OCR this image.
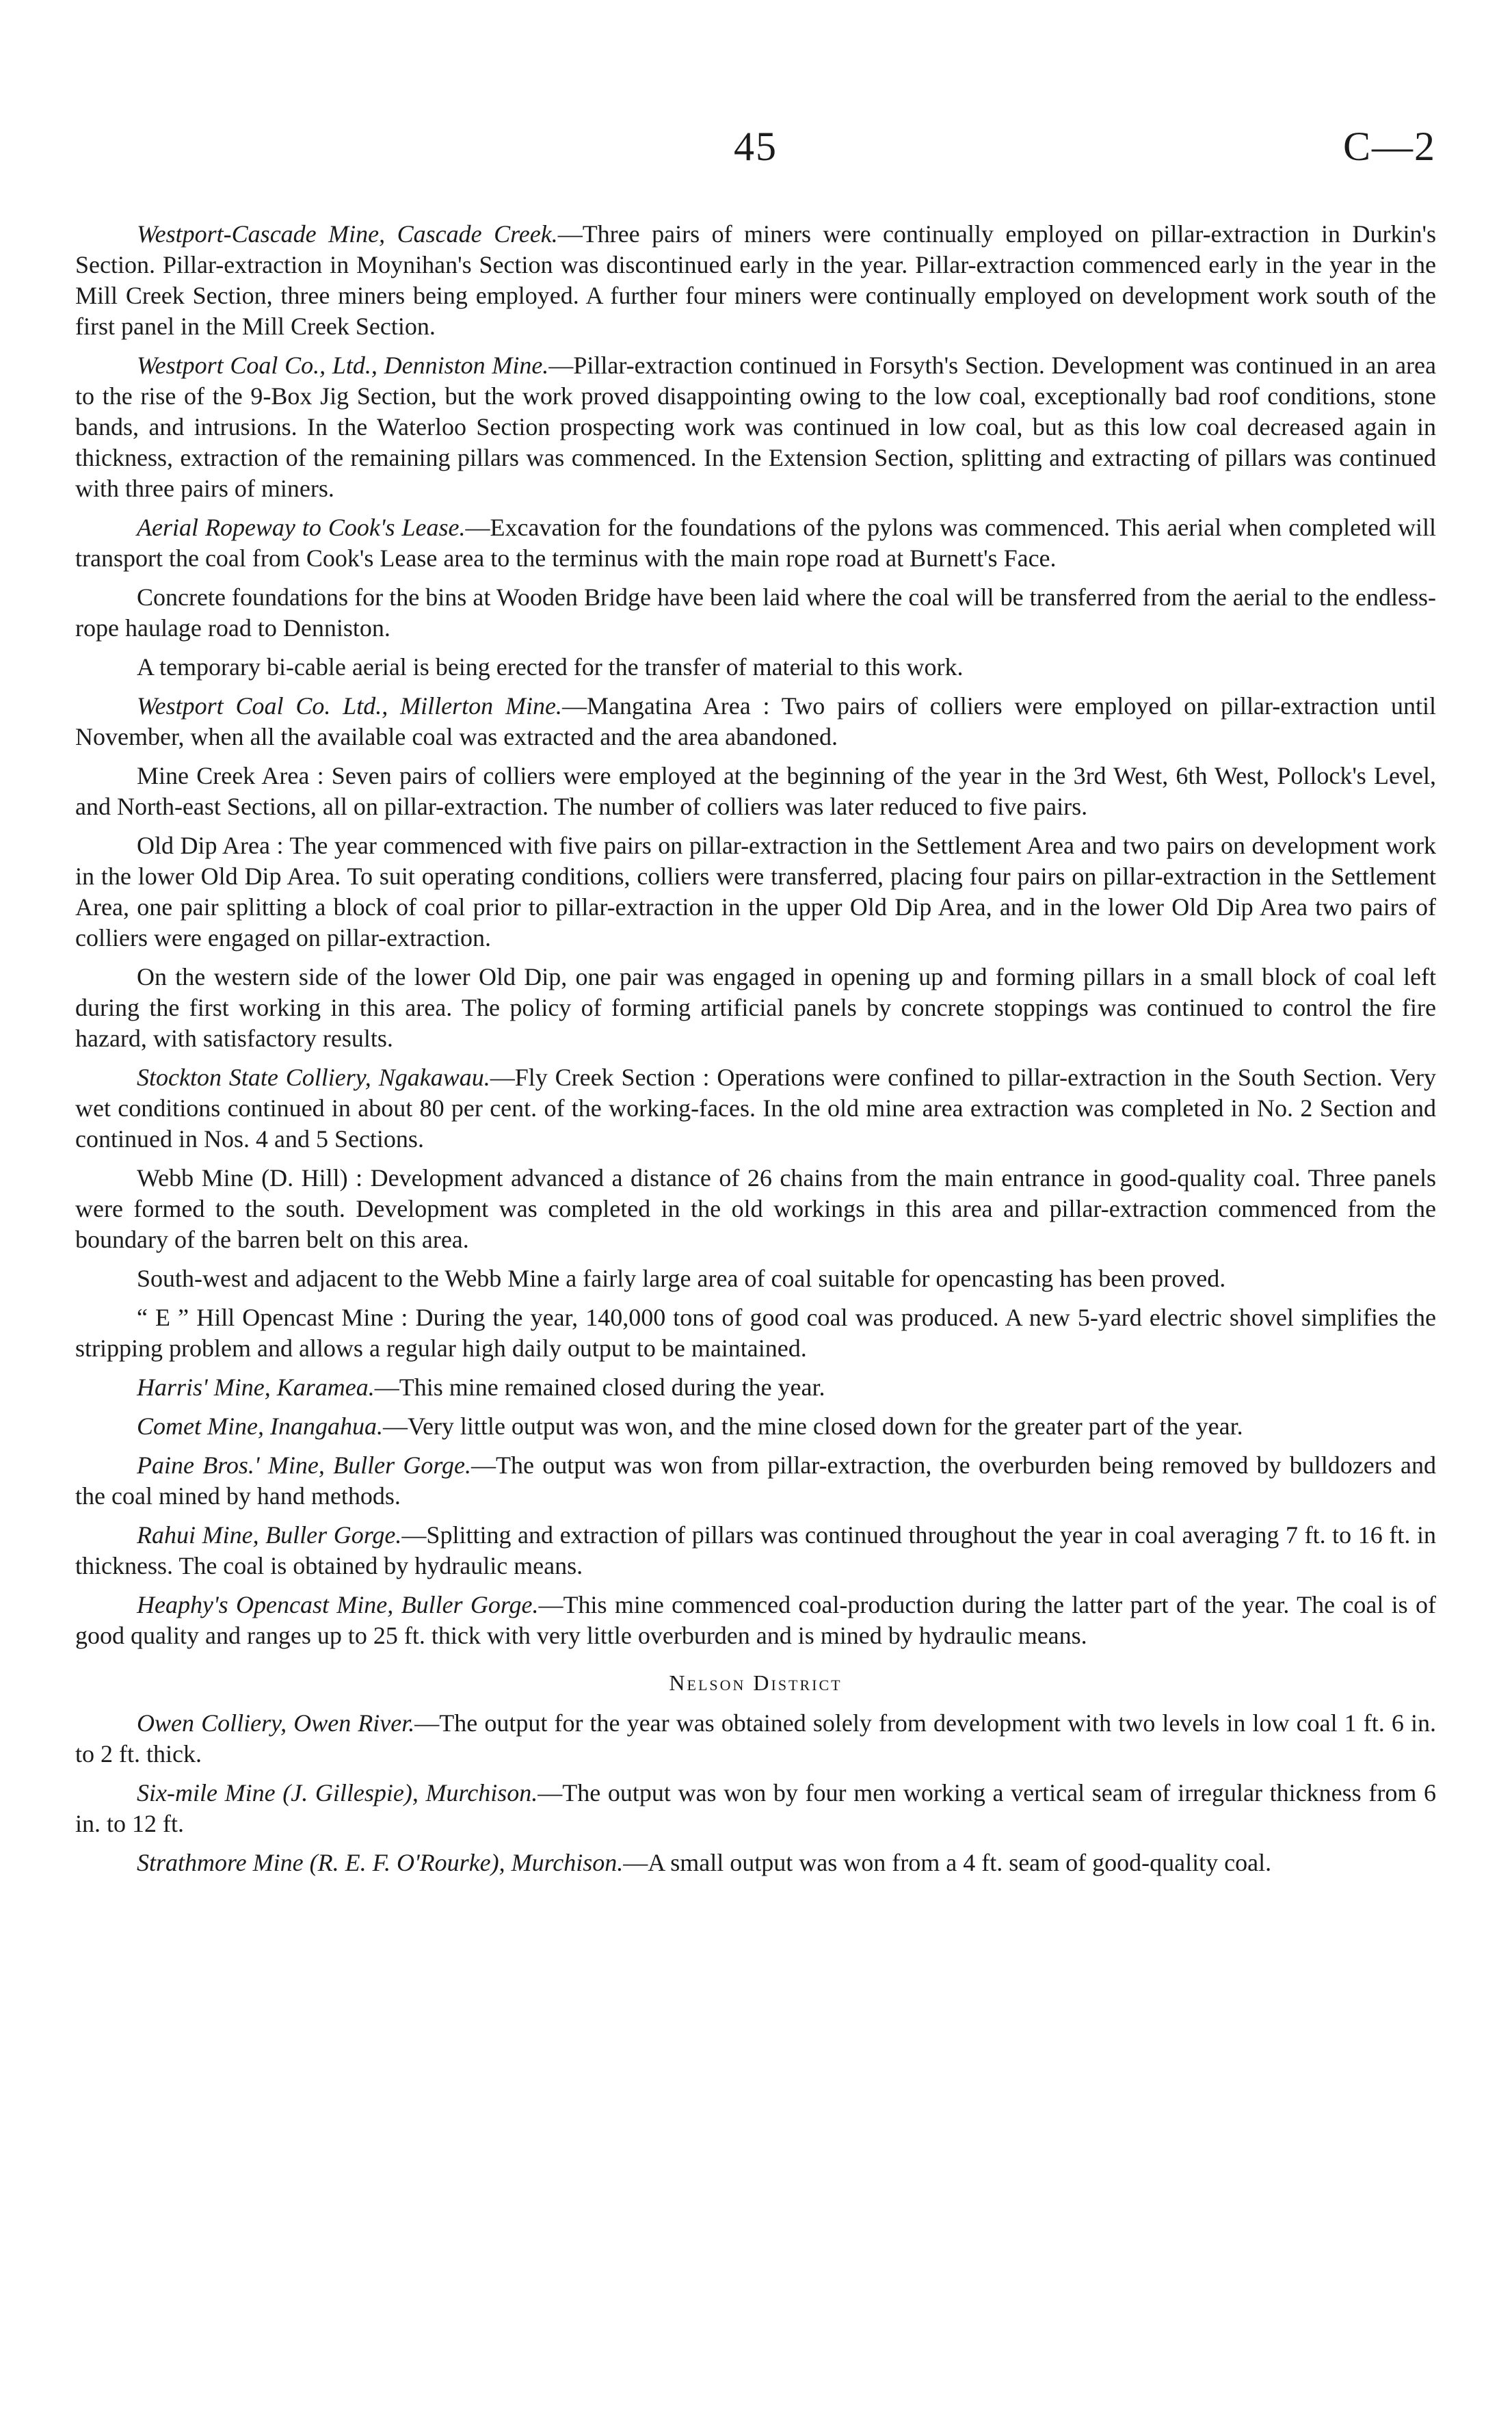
45	C—2

Westport-Cascade Mine, Cascade Creek.—Three pairs of miners were continually employed on pillar-extraction in Durkin's Section. Pillar-extraction in Moynihan's Section was discontinued early in the year. Pillar-extraction commenced early in the year in the Mill Creek Section, three miners being employed. A further four miners were continually employed on development work south of the first panel in the Mill Creek Section.

Westport Coal Co., Ltd., Denniston Mine.—Pillar-extraction continued in Forsyth's Section. Development was continued in an area to the rise of the 9-Box Jig Section, but the work proved disappointing owing to the low coal, exceptionally bad roof conditions, stone bands, and intrusions. In the Waterloo Section prospecting work was continued in low coal, but as this low coal decreased again in thickness, extraction of the remaining pillars was commenced. In the Extension Section, splitting and extracting of pillars was continued with three pairs of miners.

Aerial Ropeway to Cook's Lease.—Excavation for the foundations of the pylons was commenced. This aerial when completed will transport the coal from Cook's Lease area to the terminus with the main rope road at Burnett's Face.

Concrete foundations for the bins at Wooden Bridge have been laid where the coal will be transferred from the aerial to the endless-rope haulage road to Denniston.

A temporary bi-cable aerial is being erected for the transfer of material to this work.

Westport Coal Co. Ltd., Millerton Mine.—Mangatina Area : Two pairs of colliers were employed on pillar-extraction until November, when all the available coal was extracted and the area abandoned.

Mine Creek Area : Seven pairs of colliers were employed at the beginning of the year in the 3rd West, 6th West, Pollock's Level, and North-east Sections, all on pillar-extraction. The number of colliers was later reduced to five pairs.

Old Dip Area : The year commenced with five pairs on pillar-extraction in the Settlement Area and two pairs on development work in the lower Old Dip Area. To suit operating conditions, colliers were transferred, placing four pairs on pillar-extraction in the Settlement Area, one pair splitting a block of coal prior to pillar-extraction in the upper Old Dip Area, and in the lower Old Dip Area two pairs of colliers were engaged on pillar-extraction.

On the western side of the lower Old Dip, one pair was engaged in opening up and forming pillars in a small block of coal left during the first working in this area. The policy of forming artificial panels by concrete stoppings was continued to control the fire hazard, with satisfactory results.

Stockton State Colliery, Ngakawau.—Fly Creek Section : Operations were confined to pillar-extraction in the South Section. Very wet conditions continued in about 80 per cent. of the working-faces. In the old mine area extraction was completed in No. 2 Section and continued in Nos. 4 and 5 Sections.

Webb Mine (D. Hill) : Development advanced a distance of 26 chains from the main entrance in good-quality coal. Three panels were formed to the south. Development was completed in the old workings in this area and pillar-extraction commenced from the boundary of the barren belt on this area.

South-west and adjacent to the Webb Mine a fairly large area of coal suitable for opencasting has been proved.

“ E ” Hill Opencast Mine : During the year, 140,000 tons of good coal was produced. A new 5-yard electric shovel simplifies the stripping problem and allows a regular high daily output to be maintained.

Harris' Mine, Karamea.—This mine remained closed during the year.

Comet Mine, Inangahua.—Very little output was won, and the mine closed down for the greater part of the year.

Paine Bros.' Mine, Buller Gorge.—The output was won from pillar-extraction, the overburden being removed by bulldozers and the coal mined by hand methods.

Rahui Mine, Buller Gorge.—Splitting and extraction of pillars was continued throughout the year in coal averaging 7 ft. to 16 ft. in thickness. The coal is obtained by hydraulic means.

Heaphy's Opencast Mine, Buller Gorge.—This mine commenced coal-production during the latter part of the year. The coal is of good quality and ranges up to 25 ft. thick with very little overburden and is mined by hydraulic means.

Nelson District

Owen Colliery, Owen River.—The output for the year was obtained solely from development with two levels in low coal 1 ft. 6 in. to 2 ft. thick.

Six-mile Mine (J. Gillespie), Murchison.—The output was won by four men working a vertical seam of irregular thickness from 6 in. to 12 ft.

Strathmore Mine (R. E. F. O'Rourke), Murchison.—A small output was won from a 4 ft. seam of good-quality coal.
